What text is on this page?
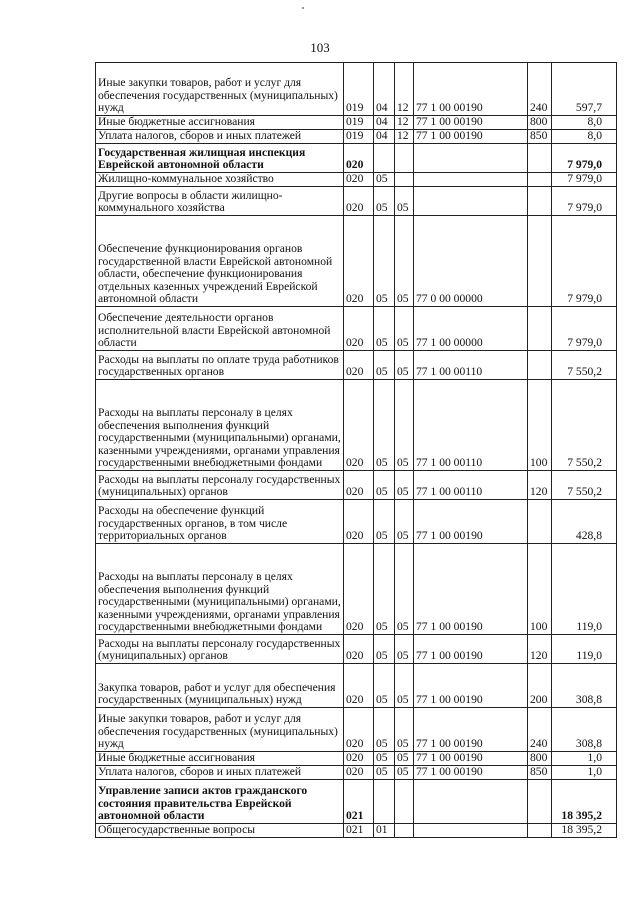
103
Иные закупки товаров, работ и услуг для обеспечения государственных (муниципальных) нужд	019	04	12	77 1 00 00190	240	597,7
Иные бюджетные ассигнования	019	04	12	77 1 00 00190	800	8,0
Уплата налогов, сборов и иных платежей	019	04	12	77 1 00 00190	850	8,0
Государственная жилищная инспекция Еврейской автономной области	020					7 979,0
Жилищно-коммунальное хозяйство	020	05				7 979,0
Другие вопросы в области жилищно-коммунального хозяйства	020	05	05			7 979,0
Обеспечение функционирования органов государственной власти Еврейской автономной области, обеспечение функционирования отдельных казенных учреждений Еврейской автономной области	020	05	05	77 0 00 00000		7 979,0
Обеспечение деятельности органов исполнительной власти Еврейской автономной области	020	05	05	77 1 00 00000		7 979,0
Расходы на выплаты по оплате труда работников государственных органов	020	05	05	77 1 00 00110		7 550,2
Расходы на выплаты персоналу в целях обеспечения выполнения функций государственными (муниципальными) органами, казенными учреждениями, органами управления государственными внебюджетными фондами	020	05	05	77 1 00 00110	100	7 550,2
Расходы на выплаты персоналу государственных (муниципальных) органов	020	05	05	77 1 00 00110	120	7 550,2
Расходы на обеспечение функций государственных органов, в том числе территориальных органов	020	05	05	77 1 00 00190		428,8
Расходы на выплаты персоналу в целях обеспечения выполнения функций государственными (муниципальными) органами, казенными учреждениями, органами управления государственными внебюджетными фондами	020	05	05	77 1 00 00190	100	119,0
Расходы на выплаты персоналу государственных (муниципальных) органов	020	05	05	77 1 00 00190	120	119,0
Закупка товаров, работ и услуг для обеспечения государственных (муниципальных) нужд	020	05	05	77 1 00 00190	200	308,8
Иные закупки товаров, работ и услуг для обеспечения государственных (муниципальных) нужд	020	05	05	77 1 00 00190	240	308,8
Иные бюджетные ассигнования	020	05	05	77 1 00 00190	800	1,0
Уплата налогов, сборов и иных платежей	020	05	05	77 1 00 00190	850	1,0
Управление записи актов гражданского состояния правительства Еврейской автономной области	021					18 395,2
Общегосударственные вопросы	021	01				18 395,2
